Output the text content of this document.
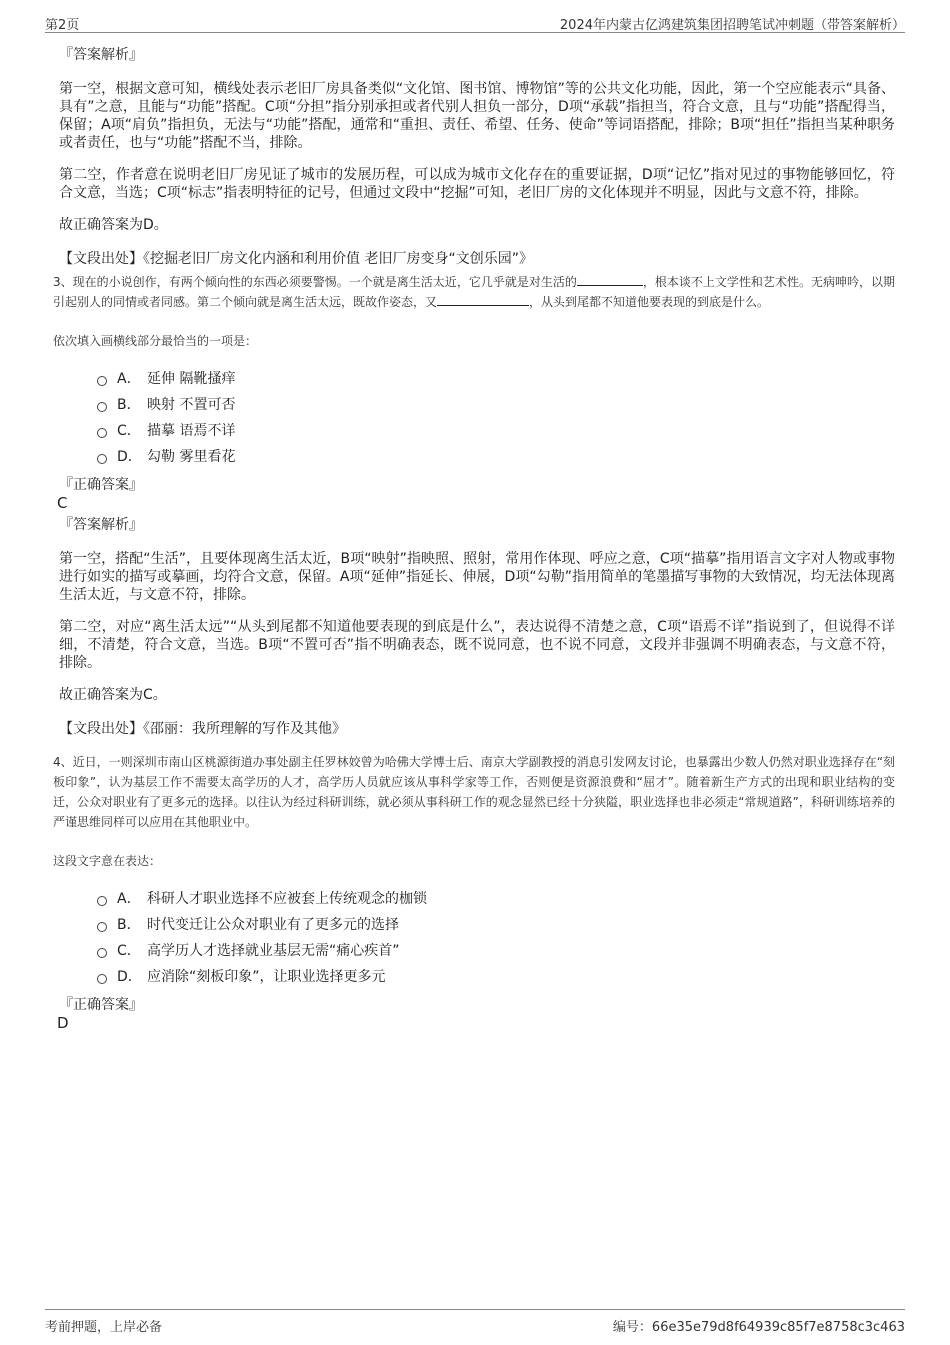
第2页	2024年内蒙古亿鸿建筑集团招聘笔试冲刺题（带答案解析）
『答案解析』

第一空，根据文意可知，横线处表示老旧厂房具备类似“文化馆、图书馆、博物馆”等的公共文化功能，因此，第一个空应能表示“具备、具有”之意，且能与“功能”搭配。C项“分担”指分别承担或者代别人担负一部分，D项“承载”指担当，符合文意，且与“功能”搭配得当，保留；A项“肩负”指担负，无法与“功能”搭配，通常和“重担、责任、希望、任务、使命”等词语搭配，排除；B项“担任”指担当某种职务或者责任，也与“功能”搭配不当，排除。

第二空，作者意在说明老旧厂房见证了城市的发展历程，可以成为城市文化存在的重要证据，D项“记忆”指对见过的事物能够回忆，符合文意，当选；C项“标志”指表明特征的记号，但通过文段中“挖掘”可知，老旧厂房的文化体现并不明显，因此与文意不符，排除。

故正确答案为D。

【文段出处】《挖掘老旧厂房文化内涵和利用价值 老旧厂房变身“文创乐园”》

3、现在的小说创作，有两个倾向性的东西必须要警惕。一个就是离生活太近，它几乎就是对生活的	，根本谈不上文学性和艺术性。无病呻吟，以期引起别人的同情或者同感。第二个倾向就是离生活太远，既故作姿态，又	，从头到尾都不知道他要表现的到底是什么。

依次填入画横线部分最恰当的一项是：

A． 延伸 隔靴搔痒
B． 映射 不置可否
C． 描摹 语焉不详
D． 勾勒 雾里看花
『正确答案』
C
『答案解析』

第一空，搭配“生活”，且要体现离生活太近，B项“映射”指映照、照射，常用作体现、呼应之意，C项“描摹”指用语言文字对人物或事物进行如实的描写或摹画，均符合文意，保留。A项“延伸”指延长、伸展，D项“勾勒”指用简单的笔墨描写事物的大致情况，均无法体现离生活太近，与文意不符，排除。

第二空，对应“离生活太远”“从头到尾都不知道他要表现的到底是什么”，表达说得不清楚之意，C项“语焉不详”指说到了，但说得不详细，不清楚，符合文意，当选。B项“不置可否”指不明确表态，既不说同意，也不说不同意，文段并非强调不明确表态，与文意不符，排除。

故正确答案为C。

【文段出处】《邵丽：我所理解的写作及其他》

4、近日，一则深圳市南山区桃源街道办事处副主任罗林姣曾为哈佛大学博士后、南京大学副教授的消息引发网友讨论，也暴露出少数人仍然对职业选择存在“刻板印象”，认为基层工作不需要太高学历的人才，高学历人员就应该从事科学家等工作，否则便是资源浪费和“屈才”。随着新生产方式的出现和职业结构的变迁，公众对职业有了更多元的选择。以往认为经过科研训练，就必须从事科研工作的观念显然已经十分狭隘，职业选择也非必须走“常规道路”，科研训练培养的严谨思维同样可以应用在其他职业中。

这段文字意在表达：

A． 科研人才职业选择不应被套上传统观念的枷锁
B． 时代变迁让公众对职业有了更多元的选择
C． 高学历人才选择就业基层无需“痛心疾首”
D． 应消除“刻板印象”，让职业选择更多元
『正确答案』
D
考前押题，上岸必备	编号：66e35e79d8f64939c85f7e8758c3c463
